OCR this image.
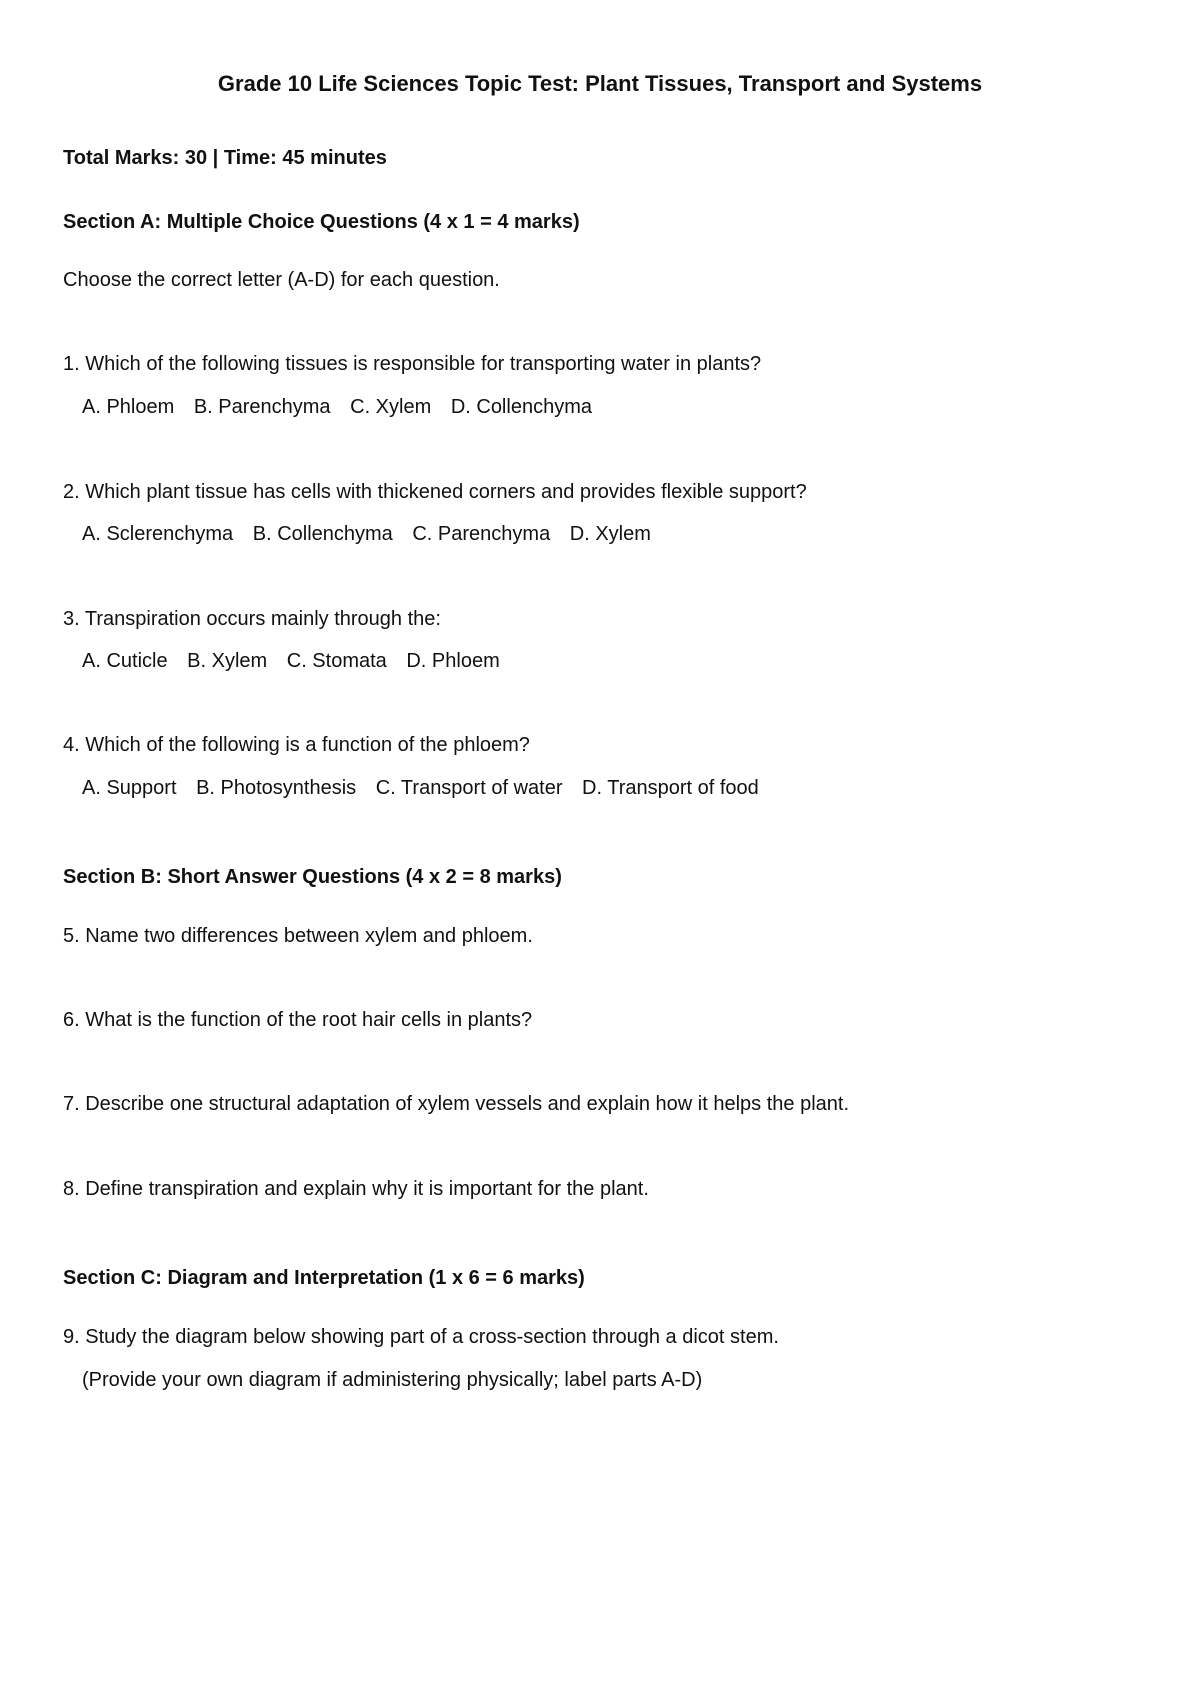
Grade 10 Life Sciences Topic Test: Plant Tissues, Transport and Systems
Total Marks: 30 | Time: 45 minutes
Section A: Multiple Choice Questions (4 x 1 = 4 marks)
Choose the correct letter (A-D) for each question.
1. Which of the following tissues is responsible for transporting water in plants?
A. Phloem B. Parenchyma C. Xylem D. Collenchyma
2. Which plant tissue has cells with thickened corners and provides flexible support?
A. Sclerenchyma B. Collenchyma C. Parenchyma D. Xylem
3. Transpiration occurs mainly through the:
A. Cuticle B. Xylem C. Stomata D. Phloem
4. Which of the following is a function of the phloem?
A. Support B. Photosynthesis C. Transport of water D. Transport of food
Section B: Short Answer Questions (4 x 2 = 8 marks)
5. Name two differences between xylem and phloem.
6. What is the function of the root hair cells in plants?
7. Describe one structural adaptation of xylem vessels and explain how it helps the plant.
8. Define transpiration and explain why it is important for the plant.
Section C: Diagram and Interpretation (1 x 6 = 6 marks)
9. Study the diagram below showing part of a cross-section through a dicot stem.
(Provide your own diagram if administering physically; label parts A-D)
